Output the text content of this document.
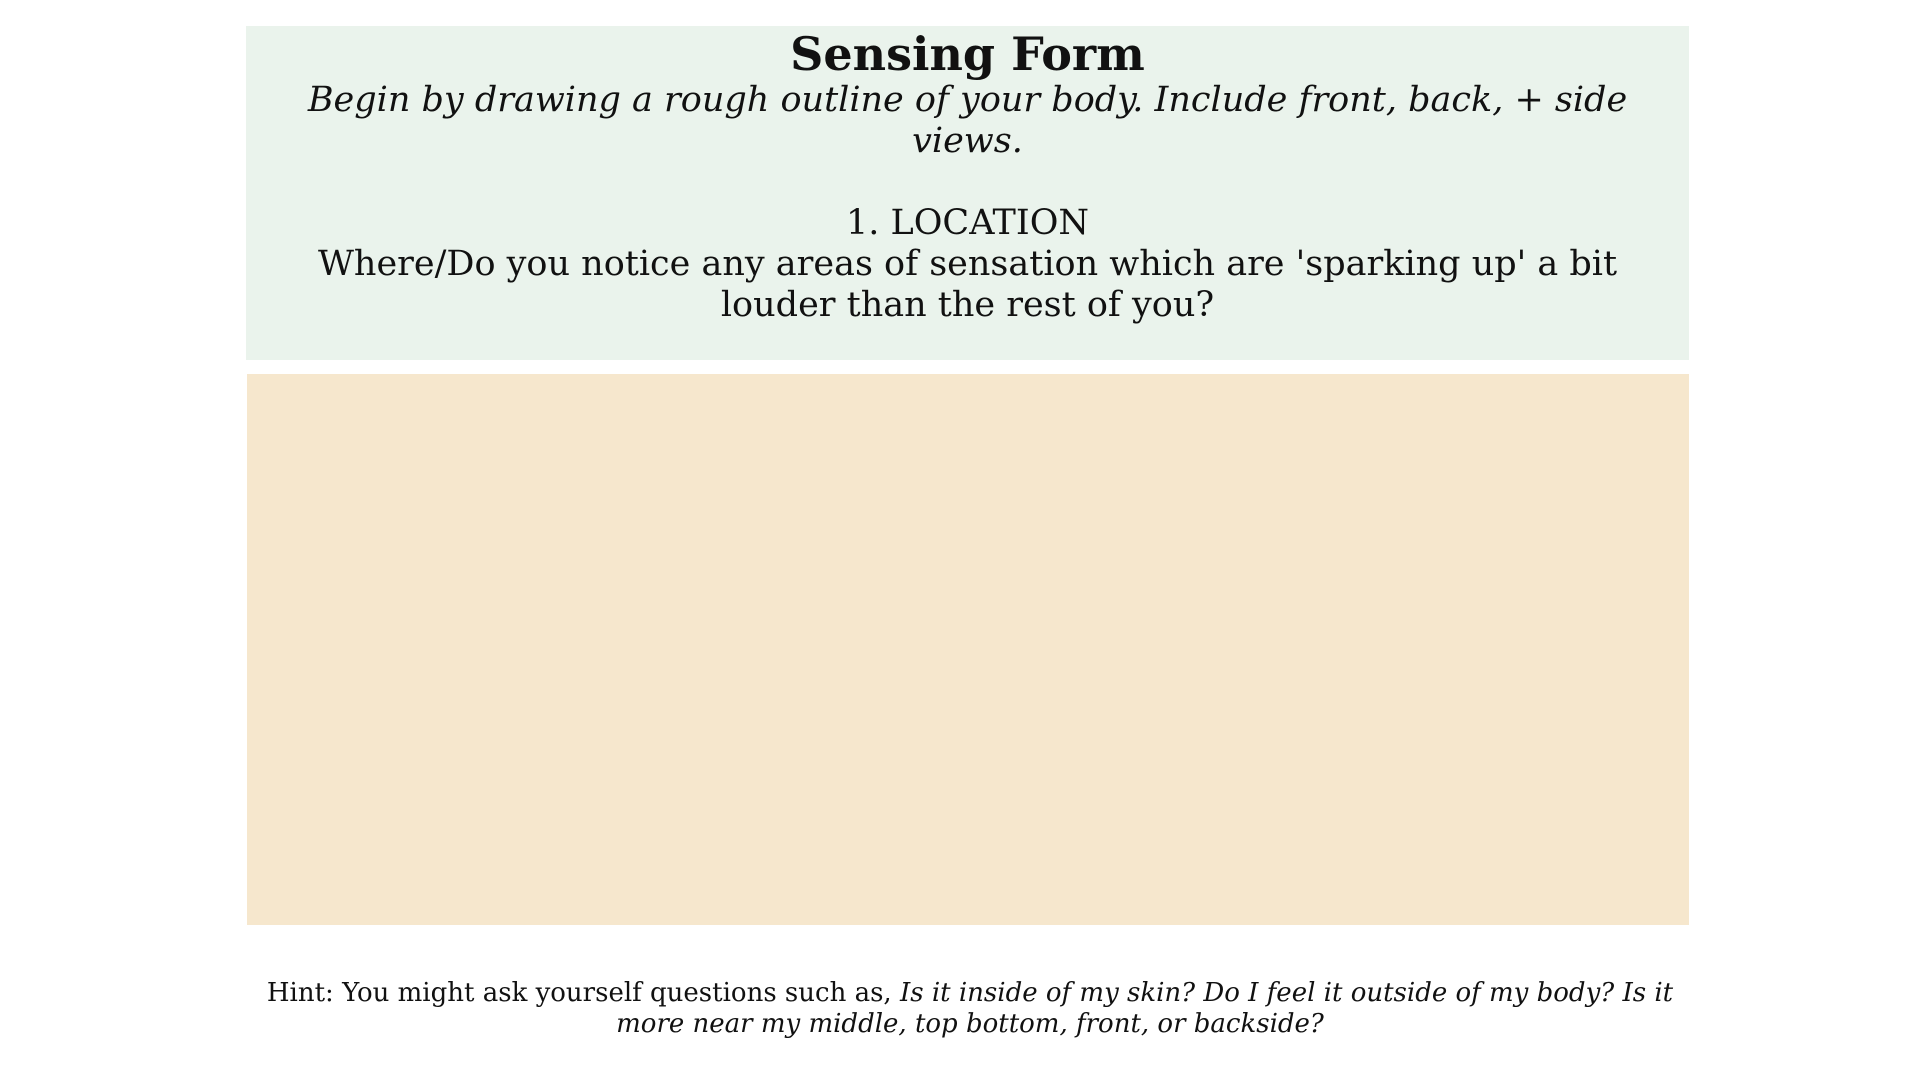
Sensing Form
Begin by drawing a rough outline of your body. Include front, back, + side views.
1. LOCATION
Where/Do you notice any areas of sensation which are 'sparking up' a bit louder than the rest of you?
Hint: You might ask yourself questions such as, Is it inside of my skin? Do I feel it outside of my body? Is it more near my middle, top bottom, front, or backside?
